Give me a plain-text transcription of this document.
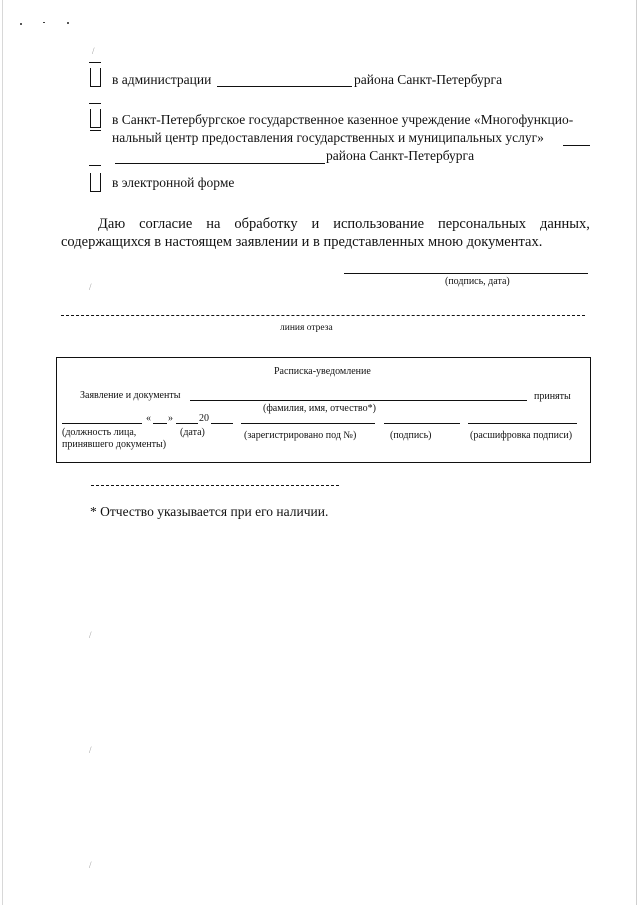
/
/
/
/
/
в администрации	района Санкт-Петербурга
в Санкт-Петербургское государственное казенное учреждение «Многофункцио-
нальный центр предоставления государственных и муниципальных услуг»
района Санкт-Петербурга
в электронной форме
Даю согласие на обработку и использование персональных данных,
содержащихся в настоящем заявлении и в представленных мною документах.
(подпись, дата)
линия отреза
Расписка-уведомление
Заявление и документы	приняты
(фамилия, имя, отчество*)
« »	20
(должность лица,
принявшего документы)
(дата)	(зарегистрировано под №)	(подпись)	(расшифровка подписи)
* Отчество указывается при его наличии.
